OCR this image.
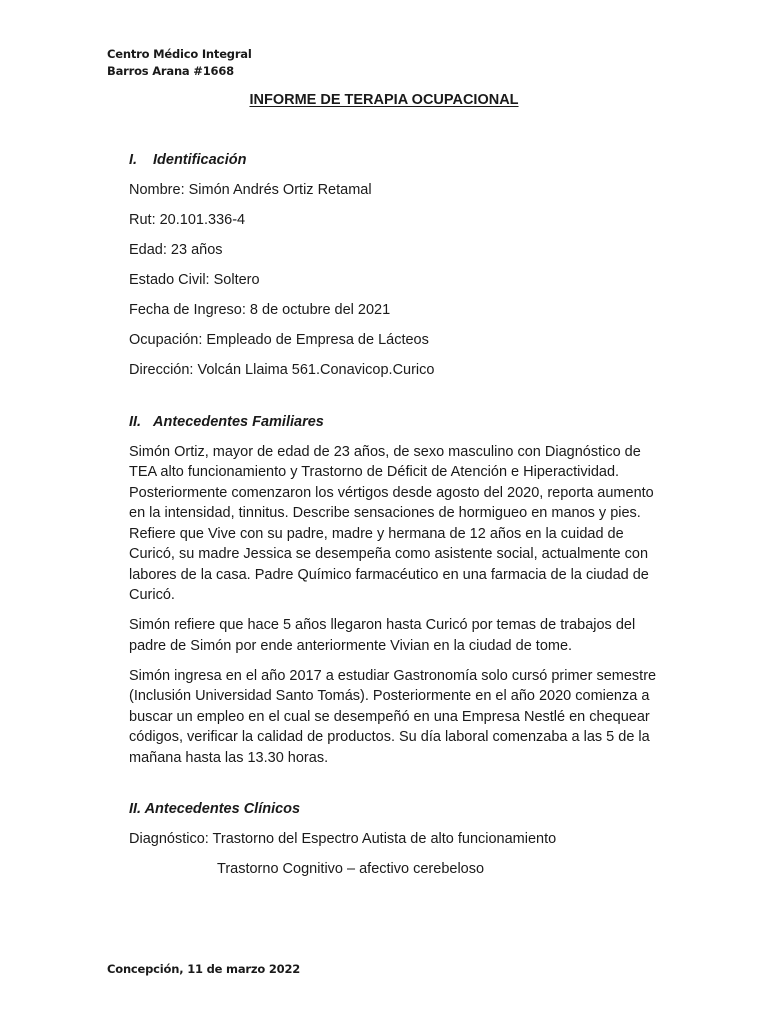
Centro Médico Integral
Barros Arana #1668
INFORME DE TERAPIA OCUPACIONAL

I. Identificación

Nombre: Simón Andrés Ortiz Retamal

Rut: 20.101.336-4

Edad: 23 años

Estado Civil: Soltero

Fecha de Ingreso: 8 de octubre del 2021

Ocupación: Empleado de Empresa de Lácteos

Dirección: Volcán Llaima 561.Conavicop.Curico

II. Antecedentes Familiares

Simón Ortiz, mayor de edad de 23 años, de sexo masculino con Diagnóstico de TEA alto funcionamiento y Trastorno de Déficit de Atención e Hiperactividad. Posteriormente comenzaron los vértigos desde agosto del 2020, reporta aumento en la intensidad, tinnitus. Describe sensaciones de hormigueo en manos y pies. Refiere que Vive con su padre, madre y hermana de 12 años en la cuidad de Curicó, su madre Jessica se desempeña como asistente social, actualmente con labores de la casa. Padre Químico farmacéutico en una farmacia de la ciudad de Curicó.

Simón refiere que hace 5 años llegaron hasta Curicó por temas de trabajos del padre de Simón por ende anteriormente Vivian en la ciudad de tome.

Simón ingresa en el año 2017 a estudiar Gastronomía solo cursó primer semestre (Inclusión Universidad Santo Tomás). Posteriormente en el año 2020 comienza a buscar un empleo en el cual se desempeñó en una Empresa Nestlé en chequear códigos, verificar la calidad de productos. Su día laboral comenzaba a las 5 de la mañana hasta las 13.30 horas.

II. Antecedentes Clínicos

Diagnóstico: Trastorno del Espectro Autista de alto funcionamiento

Trastorno Cognitivo – afectivo cerebeloso

Concepción, 11 de marzo 2022
